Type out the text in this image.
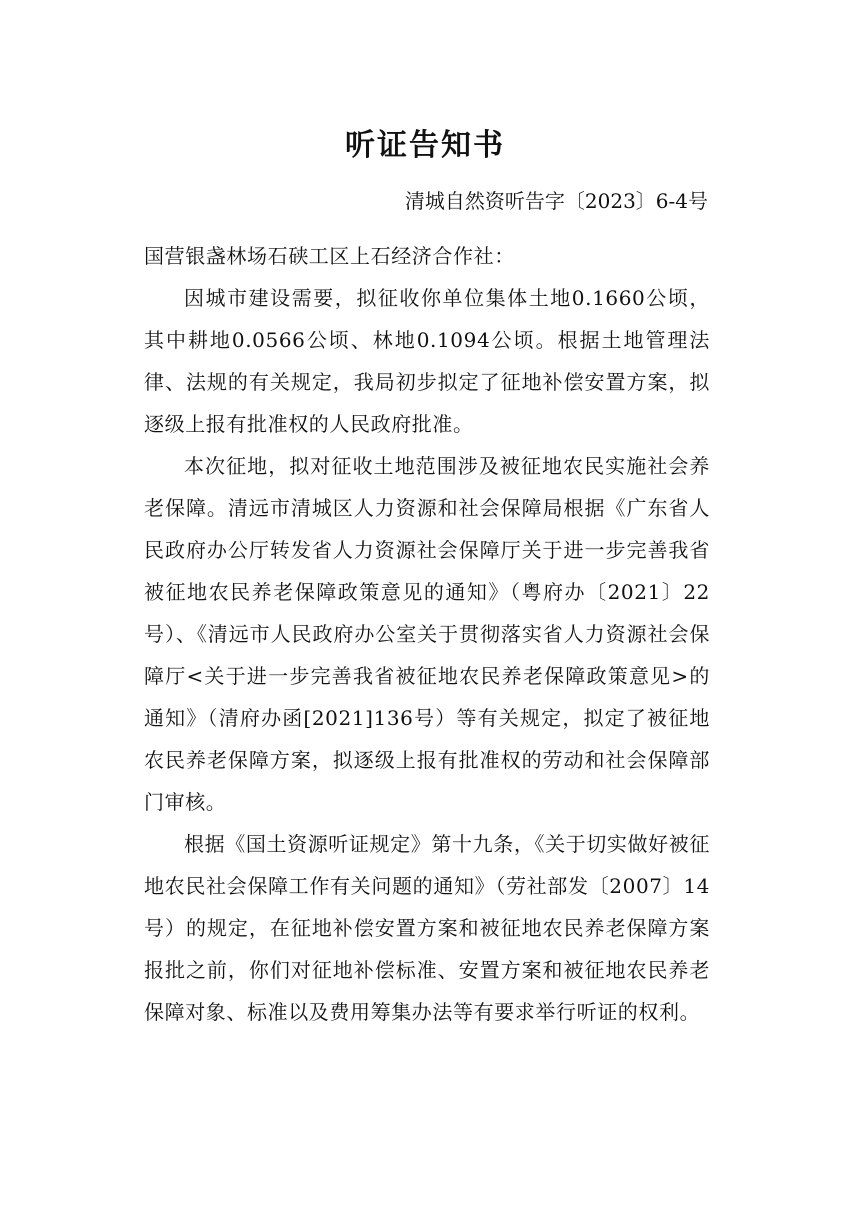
听证告知书
清城自然资听告字〔2023〕6-4号

国营银盏林场石硖工区上石经济合作社：

因城市建设需要，拟征收你单位集体土地0.1660公顷，其中耕地0.0566公顷、林地0.1094公顷。根据土地管理法律、法规的有关规定，我局初步拟定了征地补偿安置方案，拟逐级上报有批准权的人民政府批准。

本次征地，拟对征收土地范围涉及被征地农民实施社会养老保障。清远市清城区人力资源和社会保障局根据《广东省人民政府办公厅转发省人力资源社会保障厅关于进一步完善我省被征地农民养老保障政策意见的通知》（粤府办〔2021〕22号）、《清远市人民政府办公室关于贯彻落实省人力资源社会保障厅<关于进一步完善我省被征地农民养老保障政策意见>的通知》（清府办函[2021]136号）等有关规定，拟定了被征地农民养老保障方案，拟逐级上报有批准权的劳动和社会保障部门审核。

根据《国土资源听证规定》第十九条，《关于切实做好被征地农民社会保障工作有关问题的通知》（劳社部发〔2007〕14号）的规定，在征地补偿安置方案和被征地农民养老保障方案报批之前，你们对征地补偿标准、安置方案和被征地农民养老保障对象、标准以及费用筹集办法等有要求举行听证的权利。
